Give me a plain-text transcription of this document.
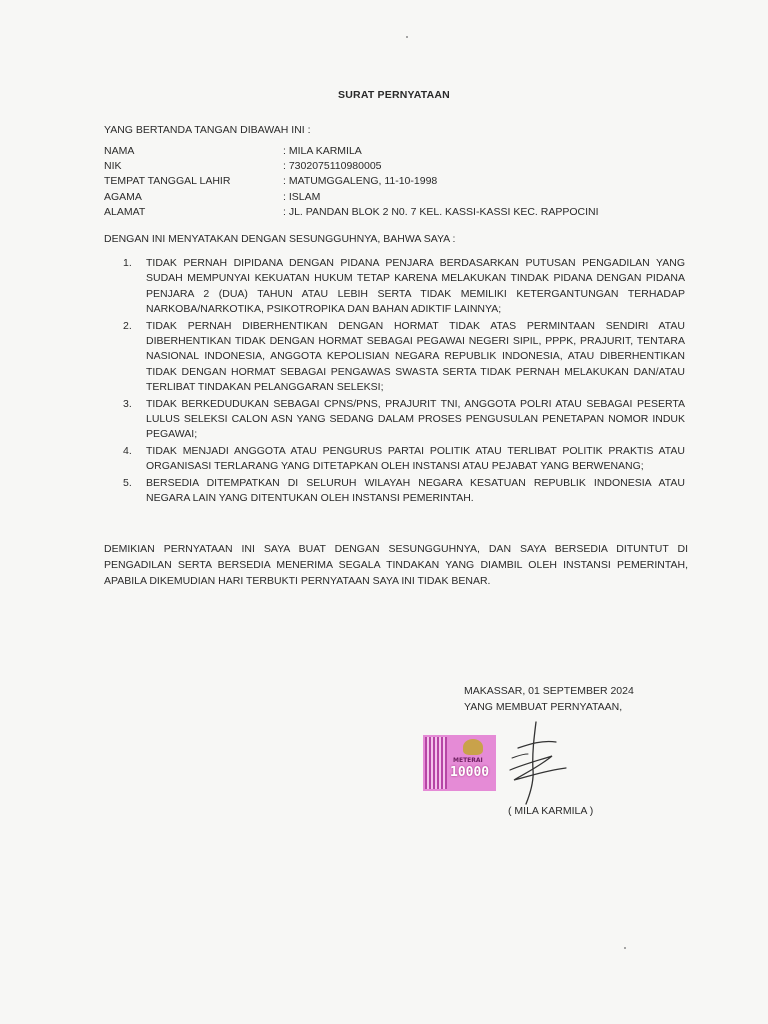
SURAT PERNYATAAN
YANG BERTANDA TANGAN DIBAWAH INI :
NAMA	: MILA KARMILA
NIK	: 7302075110980005
TEMPAT TANGGAL LAHIR	: MATUMGGALENG, 11-10-1998
AGAMA	: ISLAM
ALAMAT	: JL. PANDAN BLOK 2 N0. 7 KEL. KASSI-KASSI KEC. RAPPOCINI
DENGAN INI MENYATAKAN DENGAN SESUNGGUHNYA, BAHWA SAYA :
1.	TIDAK PERNAH DIPIDANA DENGAN PIDANA PENJARA BERDASARKAN PUTUSAN PENGADILAN YANG SUDAH MEMPUNYAI KEKUATAN HUKUM TETAP KARENA MELAKUKAN TINDAK PIDANA DENGAN PIDANA PENJARA 2 (DUA) TAHUN ATAU LEBIH SERTA TIDAK MEMILIKI KETERGANTUNGAN TERHADAP NARKOBA/NARKOTIKA, PSIKOTROPIKA DAN BAHAN ADIKTIF LAINNYA;
2.	TIDAK PERNAH DIBERHENTIKAN DENGAN HORMAT TIDAK ATAS PERMINTAAN SENDIRI ATAU DIBERHENTIKAN TIDAK DENGAN HORMAT SEBAGAI PEGAWAI NEGERI SIPIL, PPPK, PRAJURIT, TENTARA NASIONAL INDONESIA, ANGGOTA KEPOLISIAN NEGARA REPUBLIK INDONESIA, ATAU DIBERHENTIKAN TIDAK DENGAN HORMAT SEBAGAI PENGAWAS SWASTA SERTA TIDAK PERNAH MELAKUKAN DAN/ATAU TERLIBAT TINDAKAN PELANGGARAN SELEKSI;
3.	TIDAK BERKEDUDUKAN SEBAGAI CPNS/PNS, PRAJURIT TNI, ANGGOTA POLRI ATAU SEBAGAI PESERTA LULUS SELEKSI CALON ASN YANG SEDANG DALAM PROSES PENGUSULAN PENETAPAN NOMOR INDUK PEGAWAI;
4.	TIDAK MENJADI ANGGOTA ATAU PENGURUS PARTAI POLITIK ATAU TERLIBAT POLITIK PRAKTIS ATAU ORGANISASI TERLARANG YANG DITETAPKAN OLEH INSTANSI ATAU PEJABAT YANG BERWENANG;
5.	BERSEDIA DITEMPATKAN DI SELURUH WILAYAH NEGARA KESATUAN REPUBLIK INDONESIA ATAU NEGARA LAIN YANG DITENTUKAN OLEH INSTANSI PEMERINTAH.
DEMIKIAN PERNYATAAN INI SAYA BUAT DENGAN SESUNGGUHNYA, DAN SAYA BERSEDIA DITUNTUT DI PENGADILAN SERTA BERSEDIA MENERIMA SEGALA TINDAKAN YANG DIAMBIL OLEH INSTANSI PEMERINTAH, APABILA DIKEMUDIAN HARI TERBUKTI PERNYATAAN SAYA INI TIDAK BENAR.
MAKASSAR, 01 SEPTEMBER 2024
YANG MEMBUAT PERNYATAAN,
METERAI
10000
( MILA KARMILA )
